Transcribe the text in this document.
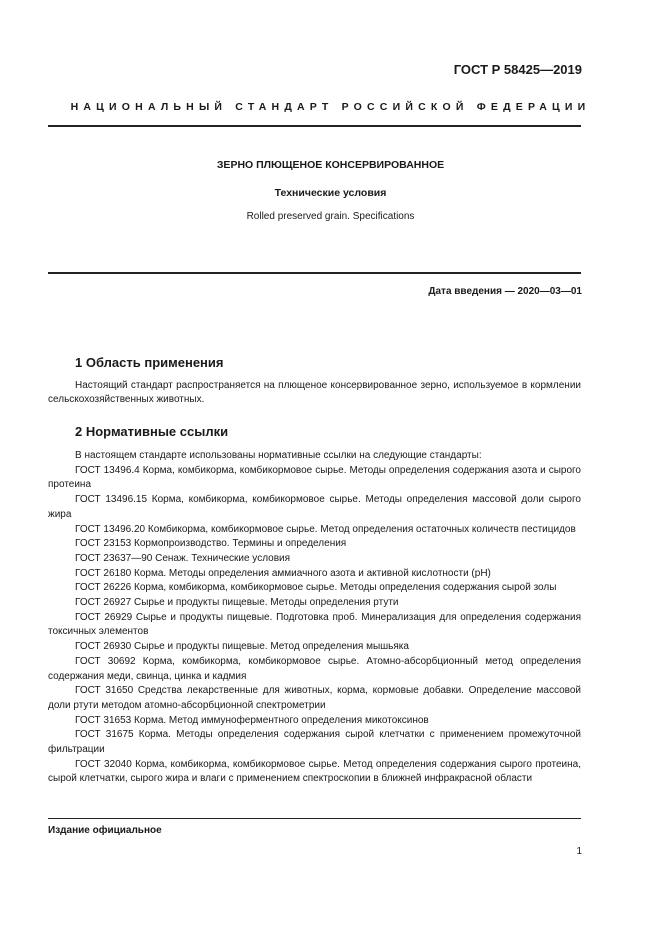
ГОСТ Р 58425—2019
НАЦИОНАЛЬНЫЙ СТАНДАРТ РОССИЙСКОЙ ФЕДЕРАЦИИ
ЗЕРНО ПЛЮЩЕНОЕ КОНСЕРВИРОВАННОЕ
Технические условия
Rolled preserved grain. Specifications
Дата введения — 2020—03—01
1 Область применения
Настоящий стандарт распространяется на плющеное консервированное зерно, используемое в кормлении сельскохозяйственных животных.
2 Нормативные ссылки
В настоящем стандарте использованы нормативные ссылки на следующие стандарты:
ГОСТ 13496.4 Корма, комбикорма, комбикормовое сырье. Методы определения содержания азота и сырого протеина
ГОСТ 13496.15 Корма, комбикорма, комбикормовое сырье. Методы определения массовой доли сырого жира
ГОСТ 13496.20 Комбикорма, комбикормовое сырье. Метод определения остаточных количеств пестицидов
ГОСТ 23153 Кормопроизводство. Термины и определения
ГОСТ 23637—90 Сенаж. Технические условия
ГОСТ 26180 Корма. Методы определения аммиачного азота и активной кислотности (pH)
ГОСТ 26226 Корма, комбикорма, комбикормовое сырье. Методы определения содержания сырой золы
ГОСТ 26927 Сырье и продукты пищевые. Методы определения ртути
ГОСТ 26929 Сырье и продукты пищевые. Подготовка проб. Минерализация для определения содержания токсичных элементов
ГОСТ 26930 Сырье и продукты пищевые. Метод определения мышьяка
ГОСТ 30692 Корма, комбикорма, комбикормовое сырье. Атомно-абсорбционный метод определения содержания меди, свинца, цинка и кадмия
ГОСТ 31650 Средства лекарственные для животных, корма, кормовые добавки. Определение массовой доли ртути методом атомно-абсорбционной спектрометрии
ГОСТ 31653 Корма. Метод иммуноферментного определения микотоксинов
ГОСТ 31675 Корма. Методы определения содержания сырой клетчатки с применением промежуточной фильтрации
ГОСТ 32040 Корма, комбикорма, комбикормовое сырье. Метод определения содержания сырого протеина, сырой клетчатки, сырого жира и влаги с применением спектроскопии в ближней инфракрасной области
Издание официальное
1
